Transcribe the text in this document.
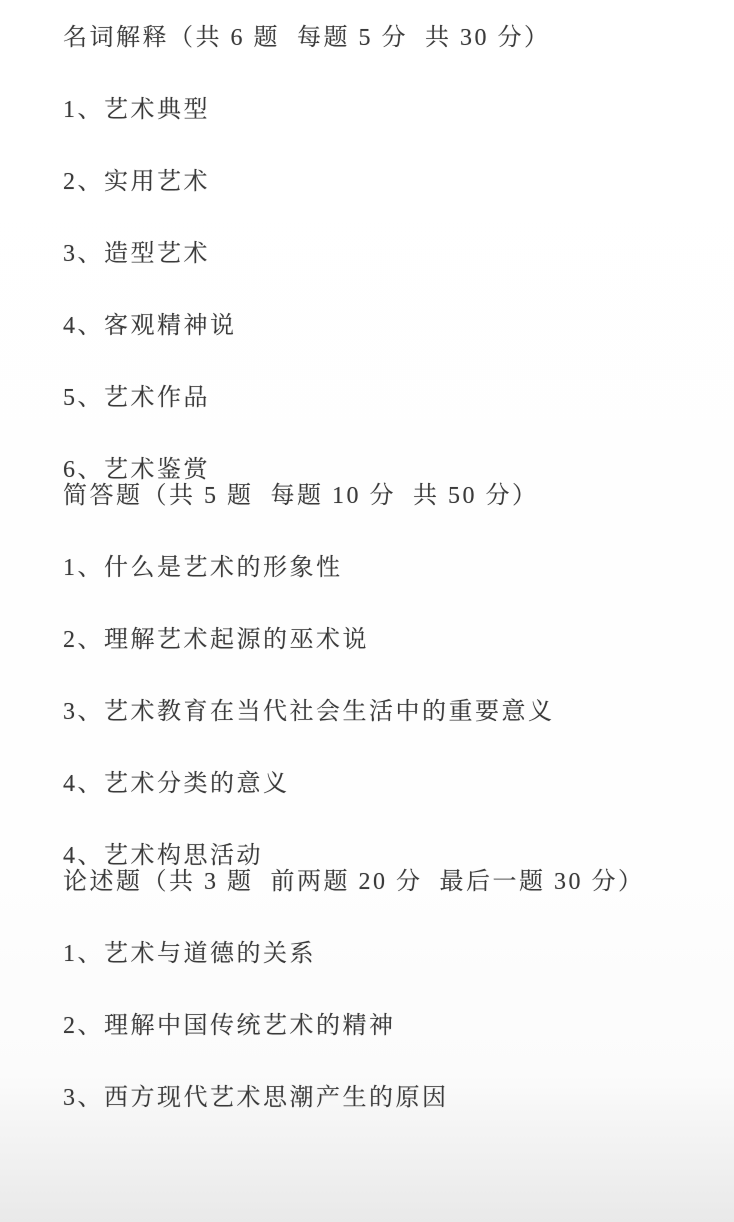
名词解释（共 6 题  每题 5 分  共 30 分）
1、艺术典型
2、实用艺术
3、造型艺术
4、客观精神说
5、艺术作品
6、艺术鉴赏
简答题（共 5 题  每题 10 分  共 50 分）
1、什么是艺术的形象性
2、理解艺术起源的巫术说
3、艺术教育在当代社会生活中的重要意义
4、艺术分类的意义
4、艺术构思活动
论述题（共 3 题  前两题 20 分  最后一题 30 分）
1、艺术与道德的关系
2、理解中国传统艺术的精神
3、西方现代艺术思潮产生的原因
